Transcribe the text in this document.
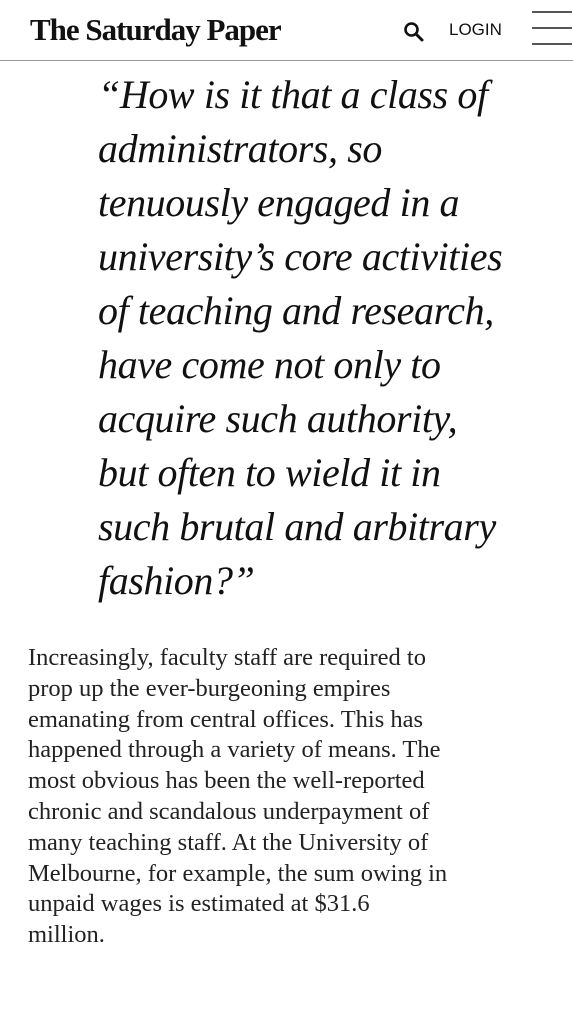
The Saturday Paper	LOGIN
“How is it that a class of
administrators, so
tenuously engaged in a
university’s core activities
of teaching and research,
have come not only to
acquire such authority,
but often to wield it in
such brutal and arbitrary
fashion?”

Increasingly, faculty staff are required to
prop up the ever-burgeoning empires
emanating from central offices. This has
happened through a variety of means. The
most obvious has been the well-reported
chronic and scandalous underpayment of
many teaching staff. At the University of
Melbourne, for example, the sum owing in
unpaid wages is estimated at $31.6
million.
